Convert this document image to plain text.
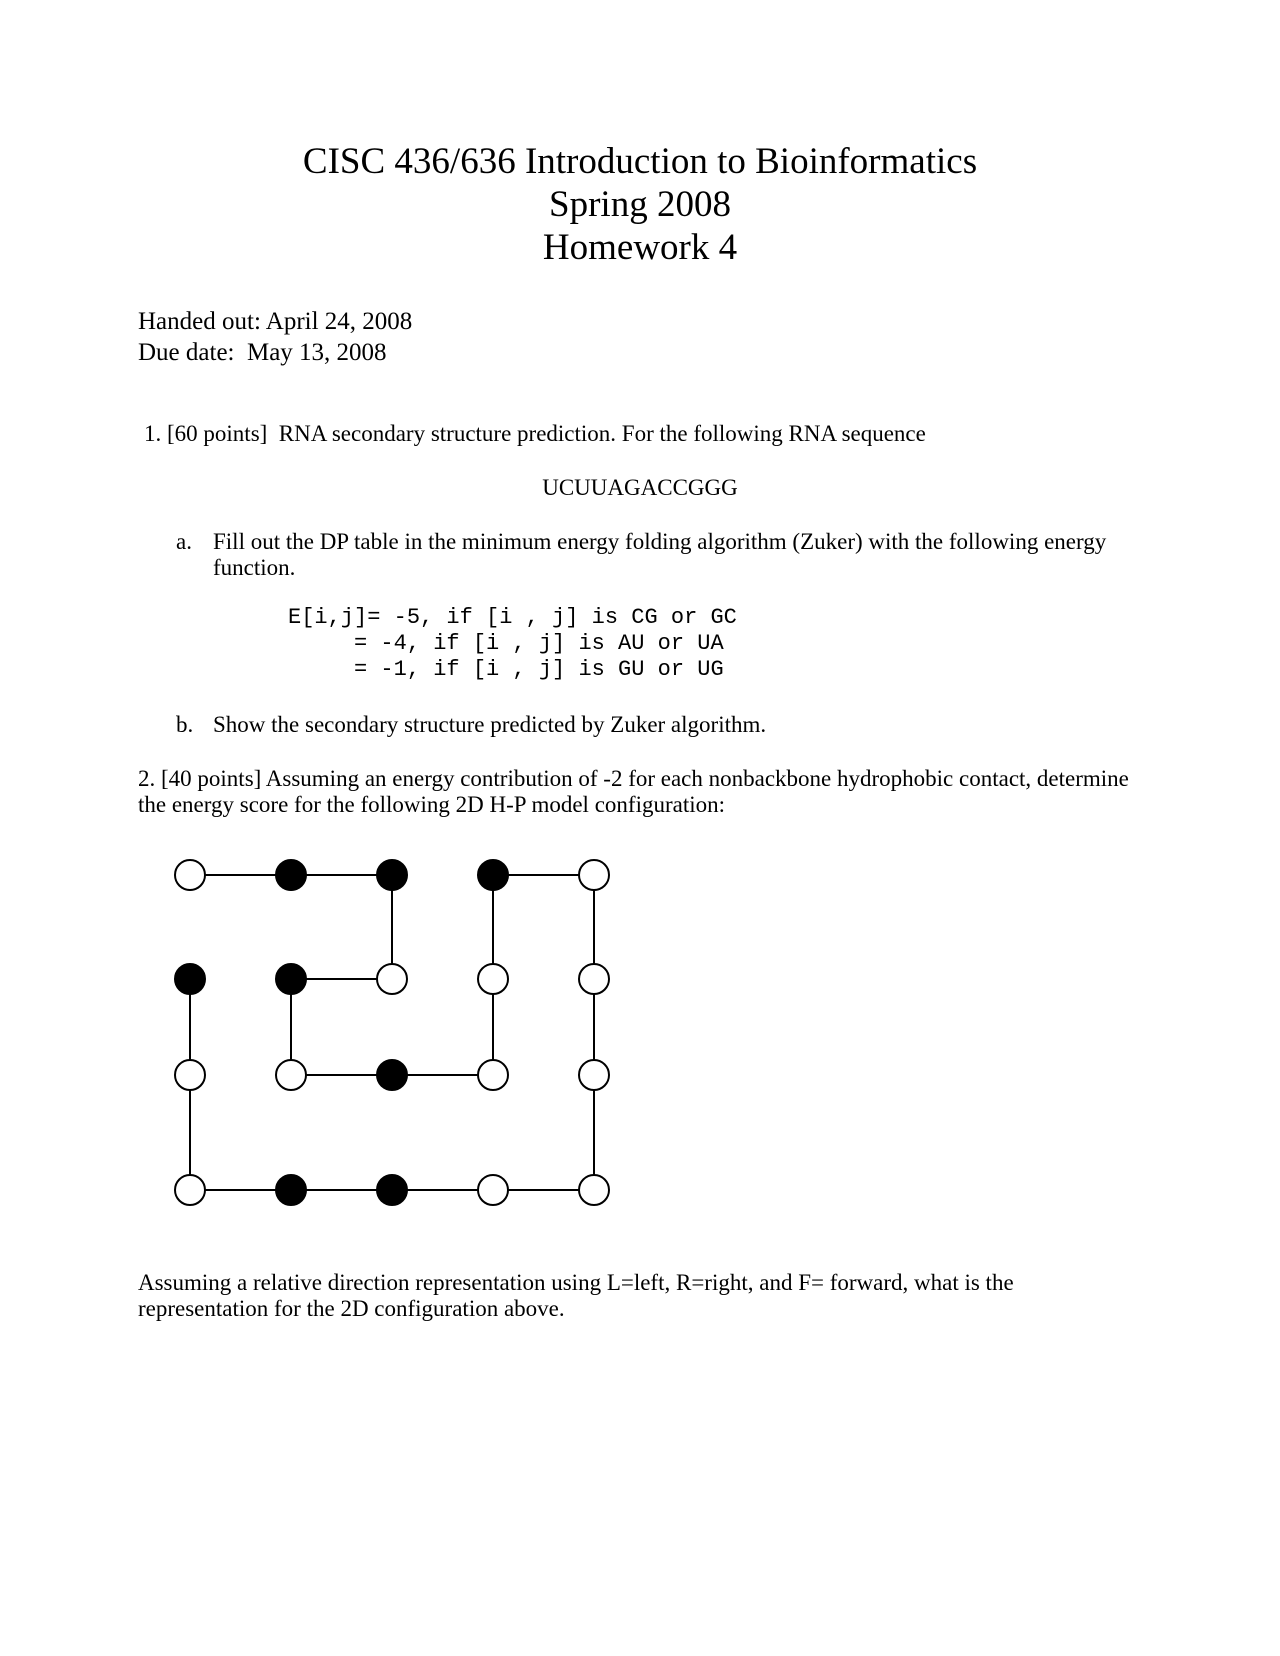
CISC 436/636 Introduction to Bioinformatics
Spring 2008
Homework 4
Handed out: April 24, 2008
Due date:  May 13, 2008
1. [60 points]  RNA secondary structure prediction. For the following RNA sequence
UCUUAGACCGGG
a. Fill out the DP table in the minimum energy folding algorithm (Zuker) with the following energy function.
E[i,j]= -5, if [i , j] is CG or GC
= -4, if [i , j] is AU or UA
= -1, if [i , j] is GU or UG
b. Show the secondary structure predicted by Zuker algorithm.
2. [40 points] Assuming an energy contribution of -2 for each nonbackbone hydrophobic contact, determine the energy score for the following 2D H-P model configuration:
Assuming a relative direction representation using L=left, R=right, and F= forward, what is the representation for the 2D configuration above.
